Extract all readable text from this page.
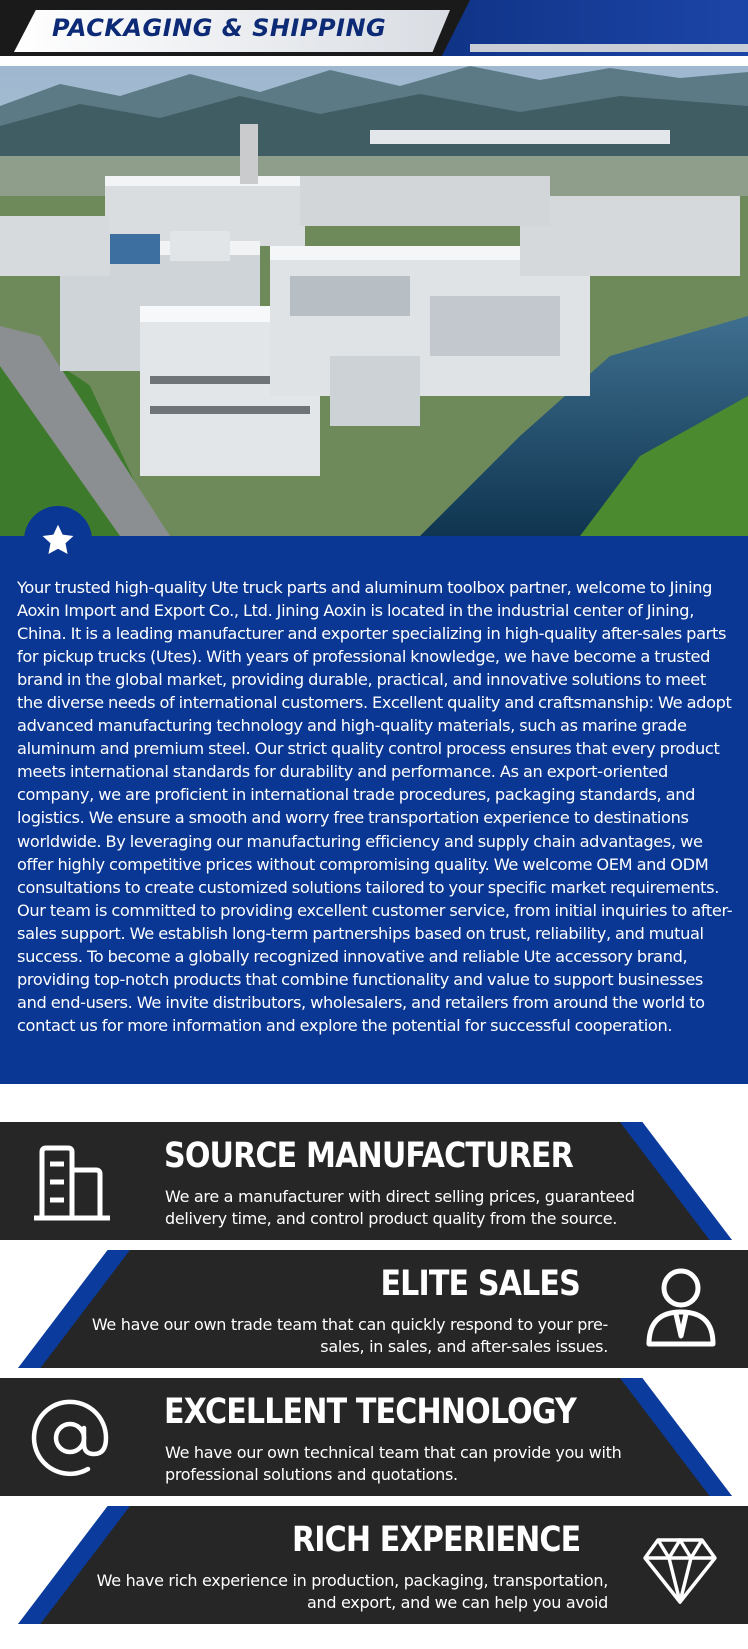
PACKAGING & SHIPPING

Your trusted high-quality Ute truck parts and aluminum toolbox partner, welcome to Jining Aoxin Import and Export Co., Ltd. Jining Aoxin is located in the industrial center of Jining, China. It is a leading manufacturer and exporter specializing in high-quality after-sales parts for pickup trucks (Utes). With years of professional knowledge, we have become a trusted brand in the global market, providing durable, practical, and innovative solutions to meet the diverse needs of international customers. Excellent quality and craftsmanship: We adopt advanced manufacturing technology and high-quality materials, such as marine grade aluminum and premium steel. Our strict quality control process ensures that every product meets international standards for durability and performance. As an export-oriented company, we are proficient in international trade procedures, packaging standards, and logistics. We ensure a smooth and worry free transportation experience to destinations worldwide. By leveraging our manufacturing efficiency and supply chain advantages, we offer highly competitive prices without compromising quality. We welcome OEM and ODM consultations to create customized solutions tailored to your specific market requirements. Our team is committed to providing excellent customer service, from initial inquiries to after-sales support. We establish long-term partnerships based on trust, reliability, and mutual success. To become a globally recognized innovative and reliable Ute accessory brand, providing top-notch products that combine functionality and value to support businesses and end-users. We invite distributors, wholesalers, and retailers from around the world to contact us for more information and explore the potential for successful cooperation.

SOURCE MANUFACTURER
We are a manufacturer with direct selling prices, guaranteed delivery time, and control product quality from the source.
ELITE SALES
We have our own trade team that can quickly respond to your pre-sales, in sales, and after-sales issues.
EXCELLENT TECHNOLOGY
We have our own technical team that can provide you with professional solutions and quotations.
RICH EXPERIENCE
We have rich experience in production, packaging, transportation, and export, and we can help you avoid
